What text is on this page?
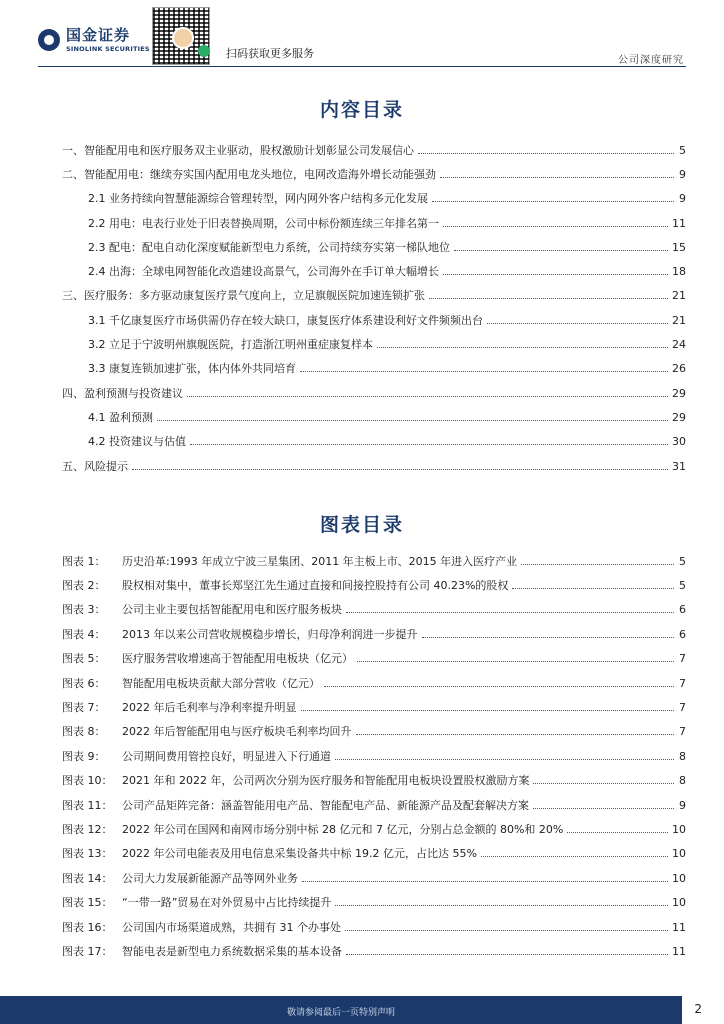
国金证券
SINOLINK SECURITIES	扫码获取更多服务
公司深度研究
内容目录
一、智能配用电和医疗服务双主业驱动，股权激励计划彰显公司发展信心	5
二、智能配用电：继续夯实国内配用电龙头地位，电网改造海外增长动能强劲	9
2.1 业务持续向智慧能源综合管理转型，网内网外客户结构多元化发展	9
2.2 用电：电表行业处于旧表替换周期，公司中标份额连续三年排名第一	11
2.3 配电：配电自动化深度赋能新型电力系统，公司持续夯实第一梯队地位	15
2.4 出海：全球电网智能化改造建设高景气，公司海外在手订单大幅增长	18
三、医疗服务：多方驱动康复医疗景气度向上，立足旗舰医院加速连锁扩张	21
3.1 千亿康复医疗市场供需仍存在较大缺口，康复医疗体系建设利好文件频频出台	21
3.2 立足于宁波明州旗舰医院，打造浙江明州重症康复样本	24
3.3 康复连锁加速扩张，体内体外共同培育	26
四、盈利预测与投资建议	29
4.1 盈利预测	29
4.2 投资建议与估值	30
五、风险提示	31
图表目录
图表 1：	历史沿革:1993 年成立宁波三星集团、2011 年主板上市、2015 年进入医疗产业	5
图表 2：	股权相对集中，董事长郑坚江先生通过直接和间接控股持有公司 40.23%的股权	5
图表 3：	公司主业主要包括智能配用电和医疗服务板块	6
图表 4：	2013 年以来公司营收规模稳步增长，归母净利润进一步提升	6
图表 5：	医疗服务营收增速高于智能配用电板块（亿元）	7
图表 6：	智能配用电板块贡献大部分营收（亿元）	7
图表 7：	2022 年后毛利率与净利率提升明显	7
图表 8：	2022 年后智能配用电与医疗板块毛利率均回升	7
图表 9：	公司期间费用管控良好，明显进入下行通道	8
图表 10： 2021 年和 2022 年，公司两次分别为医疗服务和智能配用电板块设置股权激励方案	8
图表 11： 公司产品矩阵完备：涵盖智能用电产品、智能配电产品、新能源产品及配套解决方案	9
图表 12： 2022 年公司在国网和南网市场分别中标 28 亿元和 7 亿元，分别占总金额的 80%和 20%	10
图表 13： 2022 年公司电能表及用电信息采集设备共中标 19.2 亿元，占比达 55%	10
图表 14： 公司大力发展新能源产品等网外业务	10
图表 15： “一带一路”贸易在对外贸易中占比持续提升	10
图表 16： 公司国内市场渠道成熟，共拥有 31 个办事处	11
图表 17： 智能电表是新型电力系统数据采集的基本设备	11
敬请参阅最后一页特别声明	2
